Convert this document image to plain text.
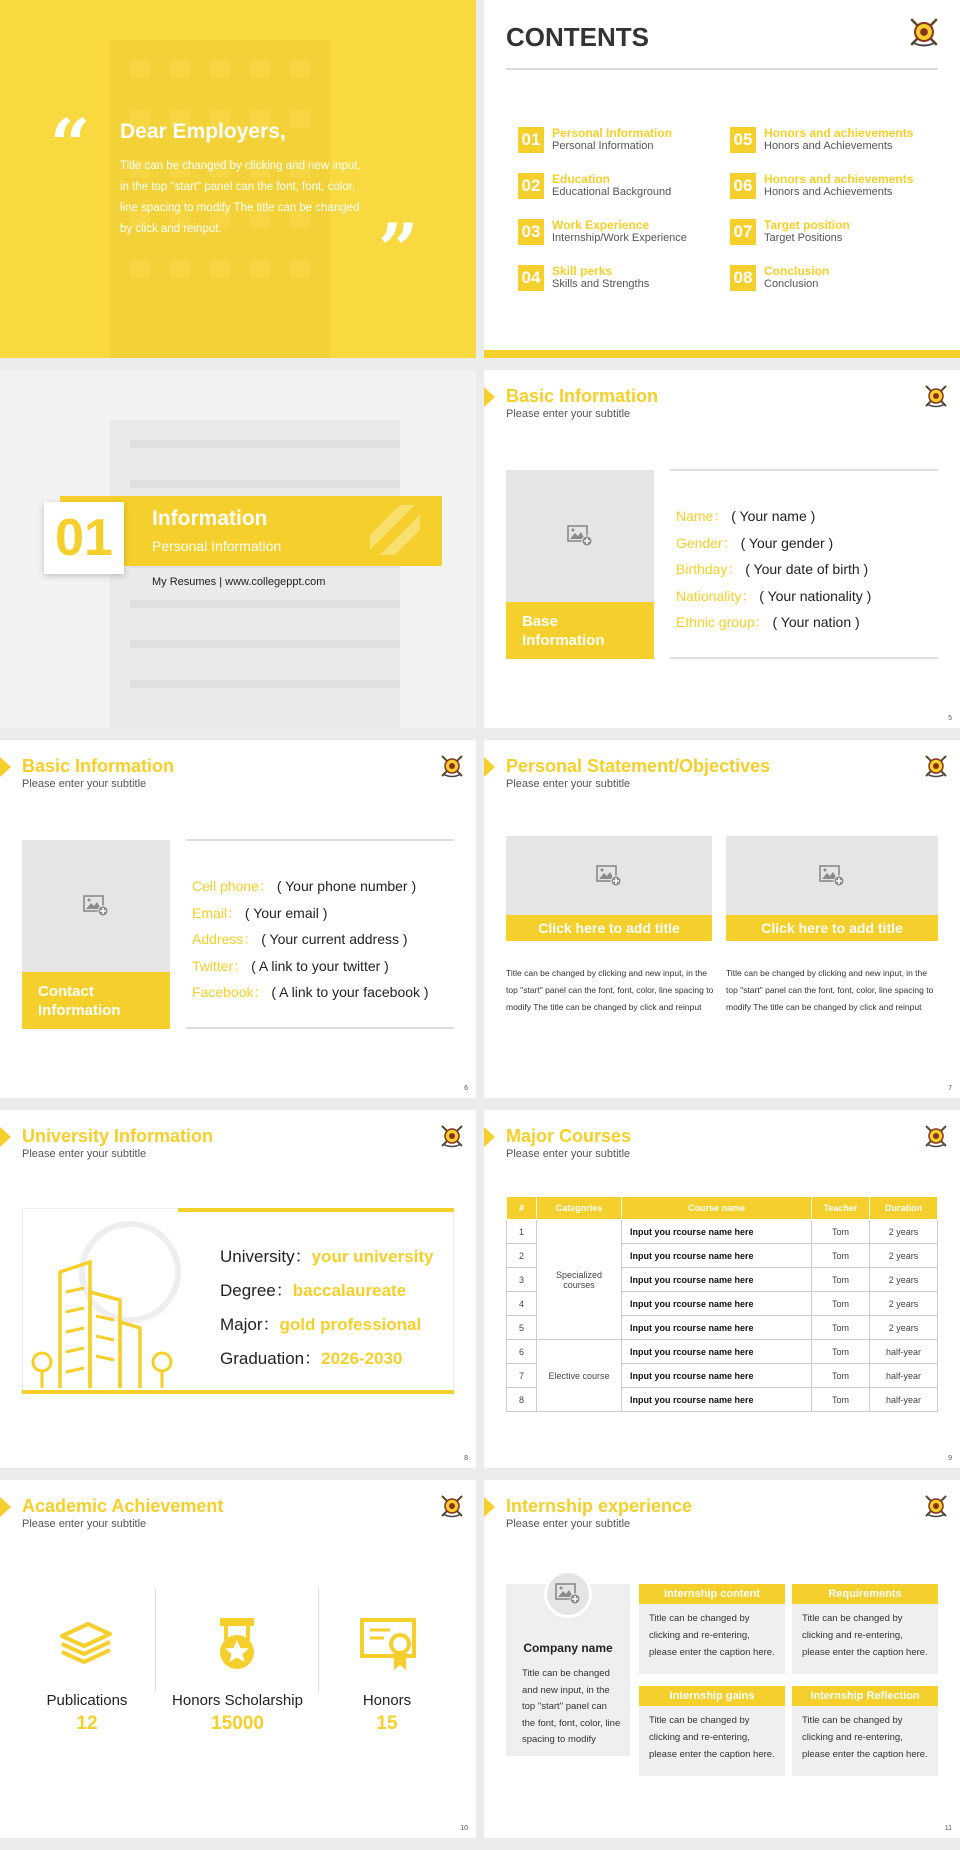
“ Dear Employers,
Title can be changed by clicking and new input, in the top "start" panel can the font, font, color, line spacing to modify The title can be changed by click and reinput.	”
CONTENTS
01 Personal Information
Personal Information
02 Education
Educational Background
03 Work Experience
Internship/Work Experience
04 Skill perks
Skills and Strengths
05 Honors and achievements
Honors and Achievements
06 Honors and achievements
Honors and Achievements
07 Target position
Target Positions
08 Conclusion
Conclusion
01 Information
Personal Information
My Resumes | www.collegeppt.com
Basic Information
Please enter your subtitle
Base Information
Name： ( Your name )
Gender： ( Your gender )
Birthday： ( Your date of birth )
Nationality： ( Your nationality )
Ethnic group： ( Your nation )
5
Basic Information
Please enter your subtitle
Contact Information
Cell phone： ( Your phone number )
Email： ( Your email )
Address： ( Your current address )
Twitter： ( A link to your twitter )
Facebook： ( A link to your facebook )
6
Personal Statement/Objectives
Please enter your subtitle
Click here to add title
Title can be changed by clicking and new input, in the top "start" panel can the font, font, color, line spacing to modify The title can be changed by click and reinput
Click here to add title
Title can be changed by clicking and new input, in the top "start" panel can the font, font, color, line spacing to modify The title can be changed by click and reinput
7
University Information
Please enter your subtitle
University：your university
Degree：baccalaureate
Major：gold professional
Graduation：2026-2030
8
Major Courses
Please enter your subtitle
#	Categories	Course name	Teacher	Duration
1	Specialized courses	Input you rcourse name here	Tom	2 years
2		Input you rcourse name here	Tom	2 years
3		Input you rcourse name here	Tom	2 years
4		Input you rcourse name here	Tom	2 years
5		Input you rcourse name here	Tom	2 years
6	Elective course	Input you rcourse name here	Tom	half-year
7		Input you rcourse name here	Tom	half-year
8		Input you rcourse name here	Tom	half-year
9
Academic Achievement
Please enter your subtitle
Publications
12
Honors Scholarship
15000
Honors
15
10
Internship experience
Please enter your subtitle
Company name
Title can be changed and new input, in the top "start" panel can the font, font, color, line spacing to modify
Internship content
Title can be changed by clicking and re-entering, please enter the caption here.
Requirements
Title can be changed by clicking and re-entering, please enter the caption here.
Internship gains
Title can be changed by clicking and re-entering, please enter the caption here.
Internship Reflection
Title can be changed by clicking and re-entering, please enter the caption here.
11
